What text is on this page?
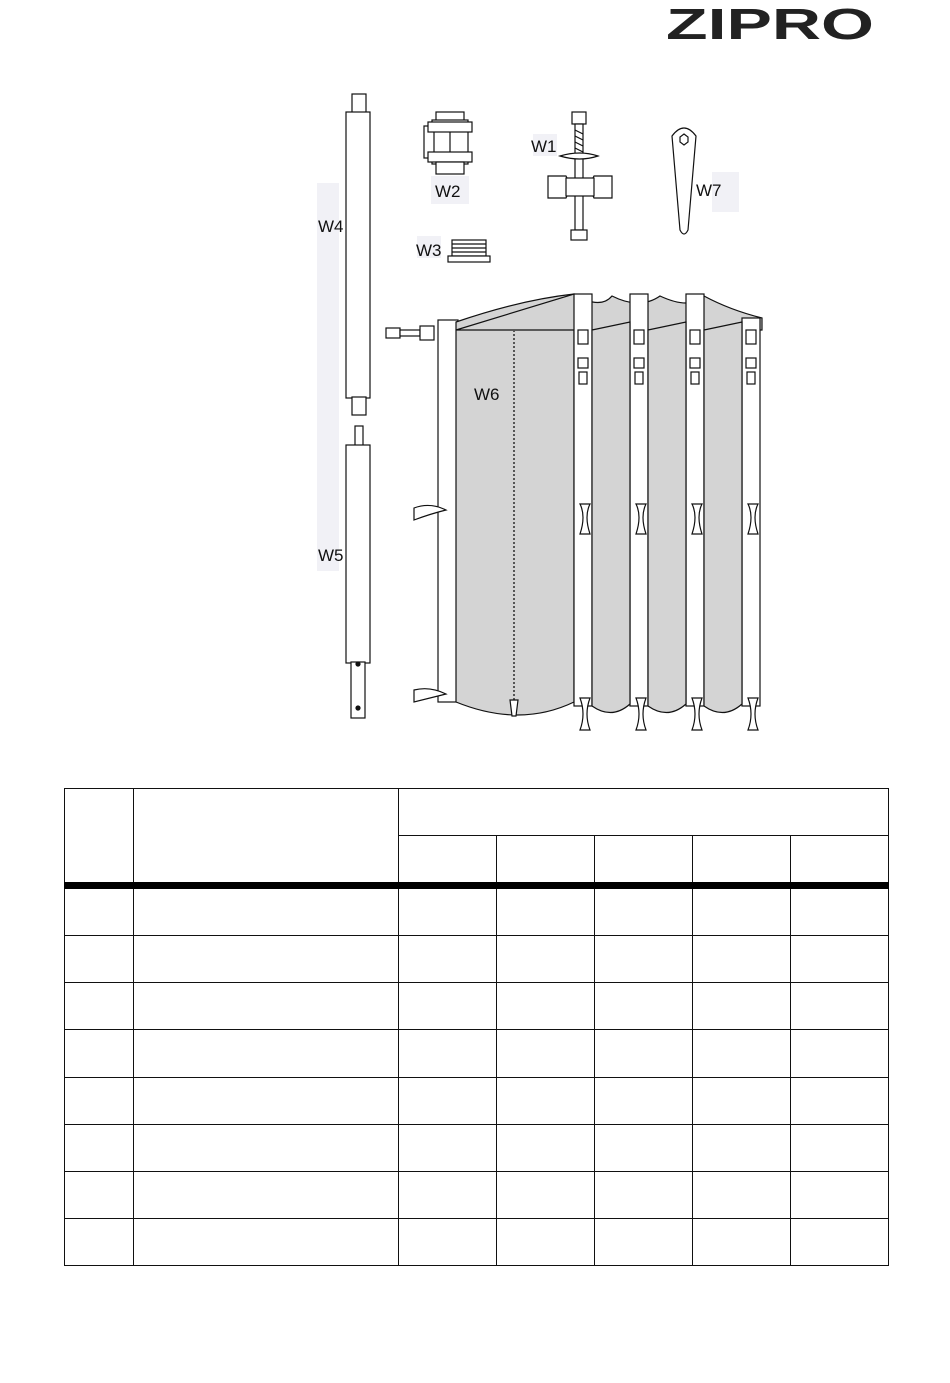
ZIPRO
W4
W5
W2
W3
W1
W7
W6
